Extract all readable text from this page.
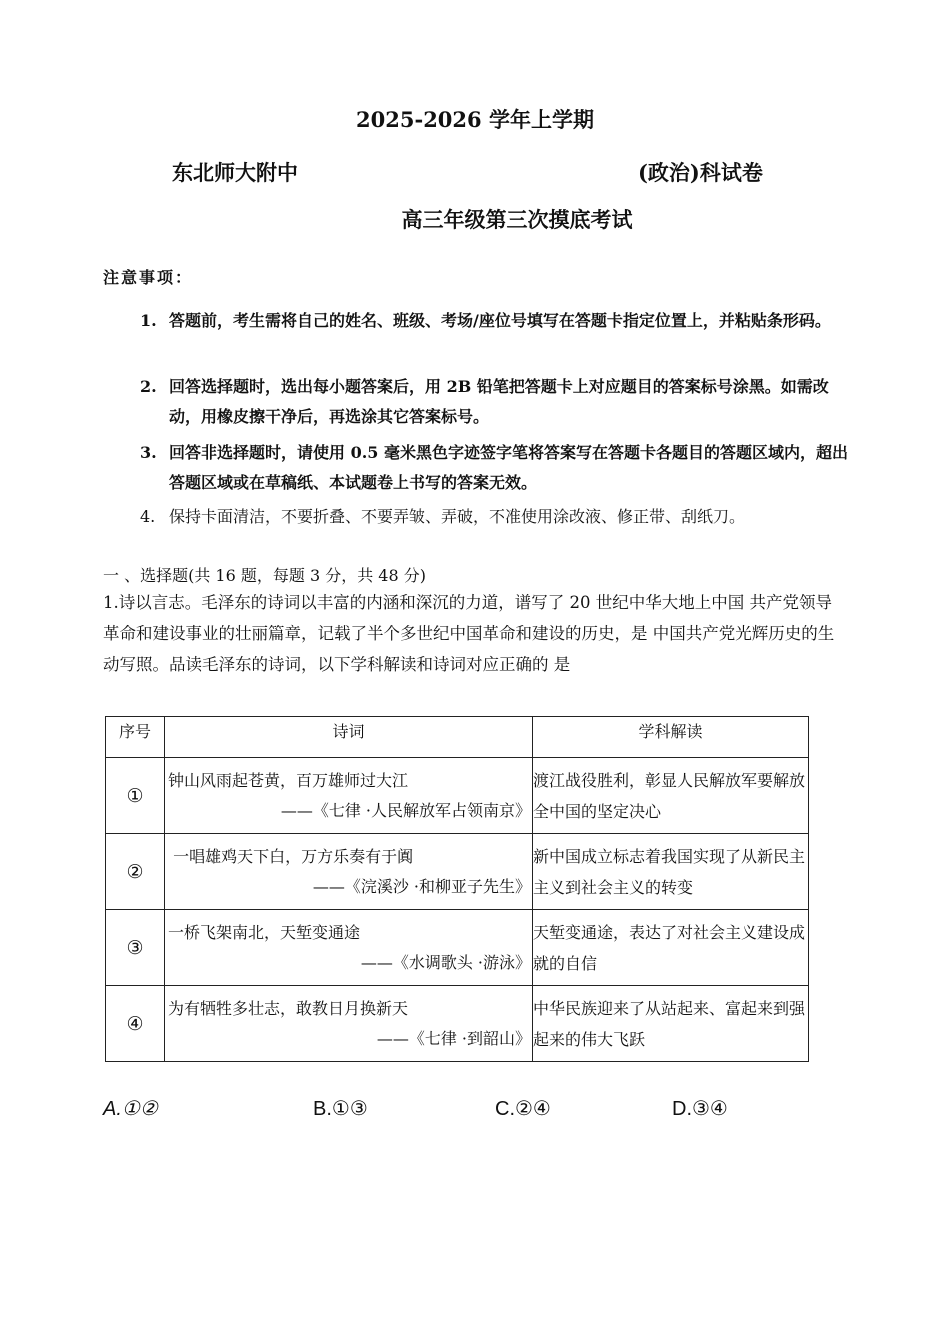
2025-2026 学年上学期
东北师大附中	(政治)科试卷
高三年级第三次摸底考试
注意事项：
1. 答题前，考生需将自己的姓名、班级、考场/座位号填写在答题卡指定位置上，并粘贴条形码。
2. 回答选择题时，选出每小题答案后，用 2B 铅笔把答题卡上对应题目的答案标号涂黑。如需改动，用橡皮擦干净后，再选涂其它答案标号。
3. 回答非选择题时，请使用 0.5 毫米黑色字迹签字笔将答案写在答题卡各题目的答题区域内，超出答题区域或在草稿纸、本试题卷上书写的答案无效。
4. 保持卡面清洁，不要折叠、不要弄皱、弄破，不准使用涂改液、修正带、刮纸刀。
一 、选择题(共 16 题，每题 3 分，共 48 分)
1.诗以言志。毛泽东的诗词以丰富的内涵和深沉的力道，谱写了 20 世纪中华大地上中国 共产党领导革命和建设事业的壮丽篇章，记载了半个多世纪中国革命和建设的历史，是 中国共产党光辉历史的生动写照。品读毛泽东的诗词，以下学科解读和诗词对应正确的 是
序号	诗词	学科解读
①	钟山风雨起苍黄，百万雄师过大江
——《七律 ·人民解放军占领南京》	渡江战役胜利，彰显人民解放军要解放全中国的坚定决心
②	一唱雄鸡天下白，万方乐奏有于阗
——《浣溪沙 ·和柳亚子先生》	新中国成立标志着我国实现了从新民主主义到社会主义的转变
③	一桥飞架南北，天堑变通途
——《水调歌头 ·游泳》	天堑变通途，表达了对社会主义建设成就的自信
④	为有牺牲多壮志，敢教日月换新天
——《七律 ·到韶山》	中华民族迎来了从站起来、富起来到强起来的伟大飞跃
A.①②	B.①③	C.②④	D.③④
